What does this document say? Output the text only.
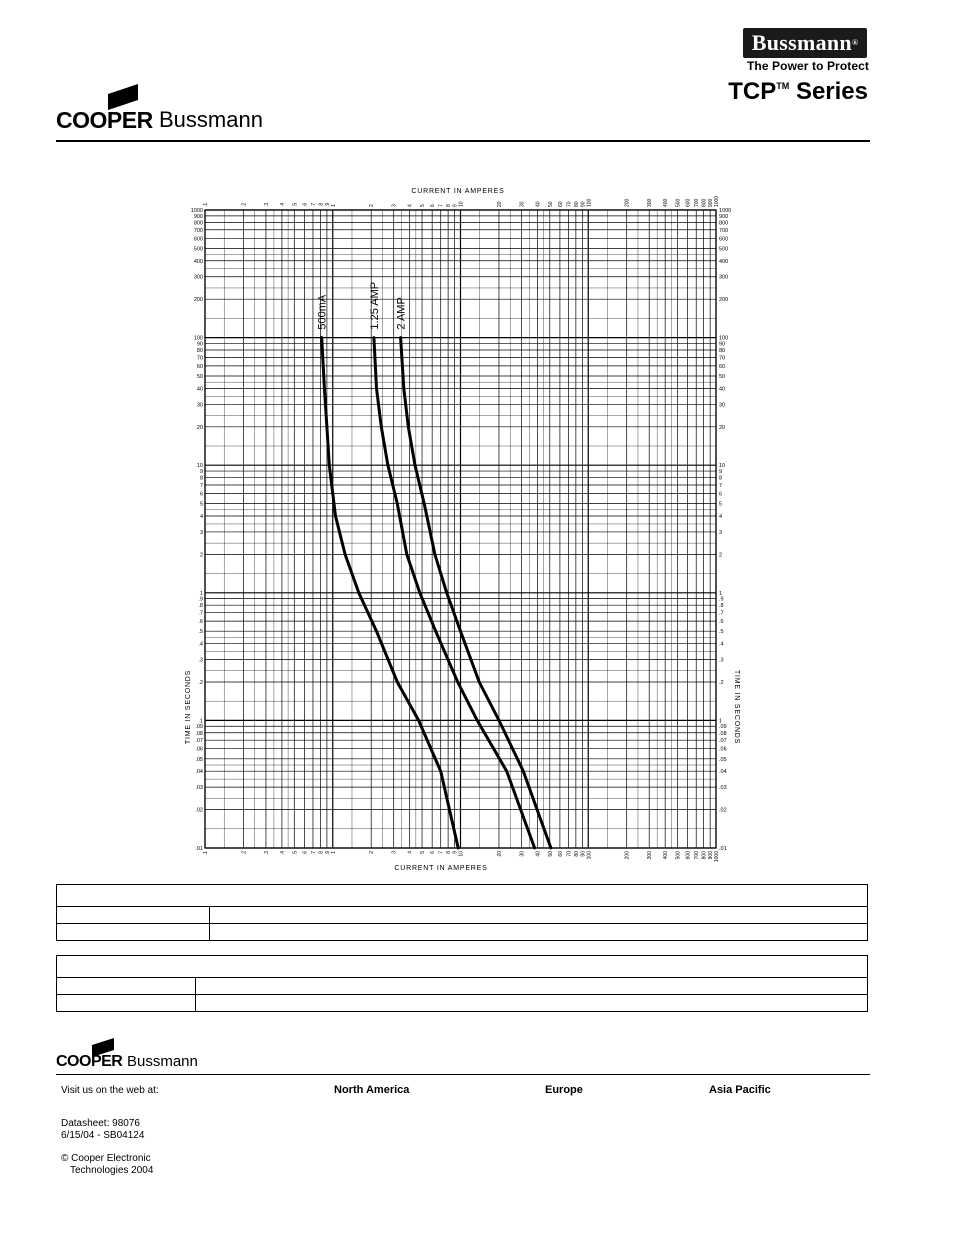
Bussmann®
The Power to Protect
TCP™ Series
COOPER Bussmann
.1
.1
.2
.2
.3
.3
.4
.4
.5
.5
.6
.6
.7
.7
.8
.8
.9
.9
1
1
2
2
3
3
4
4
5
5
6
6
7
7
8
8
9
9
10
10
20
20
30
30
40
40
50
50
60
60
70
70
80
80
90
90
100
100
200
200
300
300
400
400
500
500
600
600
700
700
800
800
900
900
1000
1000
.01
.02
.03
.04
.05
.06
.07
.08
.09
.1
.2
.3
.4
.5
.6
.7
.8
.9
1
2
3
4
5
6
7
8
9
10
20
30
40
50
60
70
80
90
100
200
300
400
500
600
700
800
900
1000
.01
.02
.03
.04
.05
.06
.07
.08
.09
1
.2
.3
.4
.5
.6
.7
.8
.9
1
2
3
4
5
6
7
8
9
10
20
30
40
50
60
70
80
90
100
200
300
400
500
600
700
800
900
1000
500mA	1.25 AMP 2 AMP
CURRENT IN AMPERES
CURRENT IN AMPERES
TIME IN SECONDS	TIME IN SECONDS
COOPER Bussmann
Visit us on the web at:	North America	Europe	Asia Pacific
Datasheet: 98076
6/15/04 - SB04124
© Cooper Electronic
Technologies 2004
